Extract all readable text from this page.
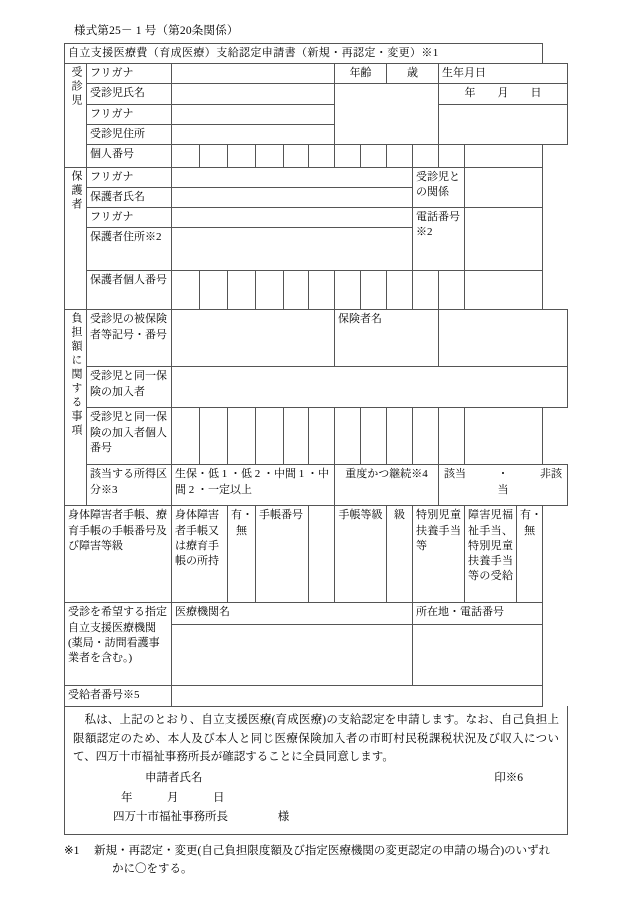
様式第25－ 1 号（第20条関係）
自立支援医療費（育成医療）支給認定申請書（新規・再認定・変更）※1														
受診児	フリガナ							年齢		歳		生年月日		
	受診児氏名											年　　月　　日		
	フリガナ													
	受診児住所													
	個人番号													
保護者	フリガナ										受診児との関係			
	保護者氏名													
	フリガナ										電話番号※2			
	保護者住所※2													
	保護者個人番号													
負担額に関する事項	受診児の被保険者等記号・番号							保険者名						
	受診児と同一保険の加入者													
	受診児と同一保険の加入者個人番号													
	該当する所得区分※3	生保・低 1 ・低 2 ・中間 1 ・中間 2 ・一定以上						重度かつ継続※4				該当 ・ 非該当		
身体障害者手帳、療育手帳の手帳番号及び障害等級		身体障害者手帳又は療育手帳の所持		有・無	手帳番号			手帳等級		級	特別児童扶養手当等		障害児福祉手当、特別児童扶養手当等の受給	有・無
受診を希望する指定自立支援医療機関(薬局・訪問看護事業者を含む。)		医療機関名									所在地・電話番号			

受給者番号※5														

私は、上記のとおり、自立支援医療(育成医療)の支給認定を申請します。なお、自己負担上限額認定のため、本人及び本人と同じ医療保険加入者の市町村民税課税状況及び収入について、四万十市福祉事務所長が確認することに全員同意します。

印※6
申請者氏名
年　　　月　　　日
四万十市福祉事務所長	様
※1	新規・再認定・変更(自己負担限度額及び指定医療機関の変更認定の申請の場合)のいずれ
かに〇をする。
